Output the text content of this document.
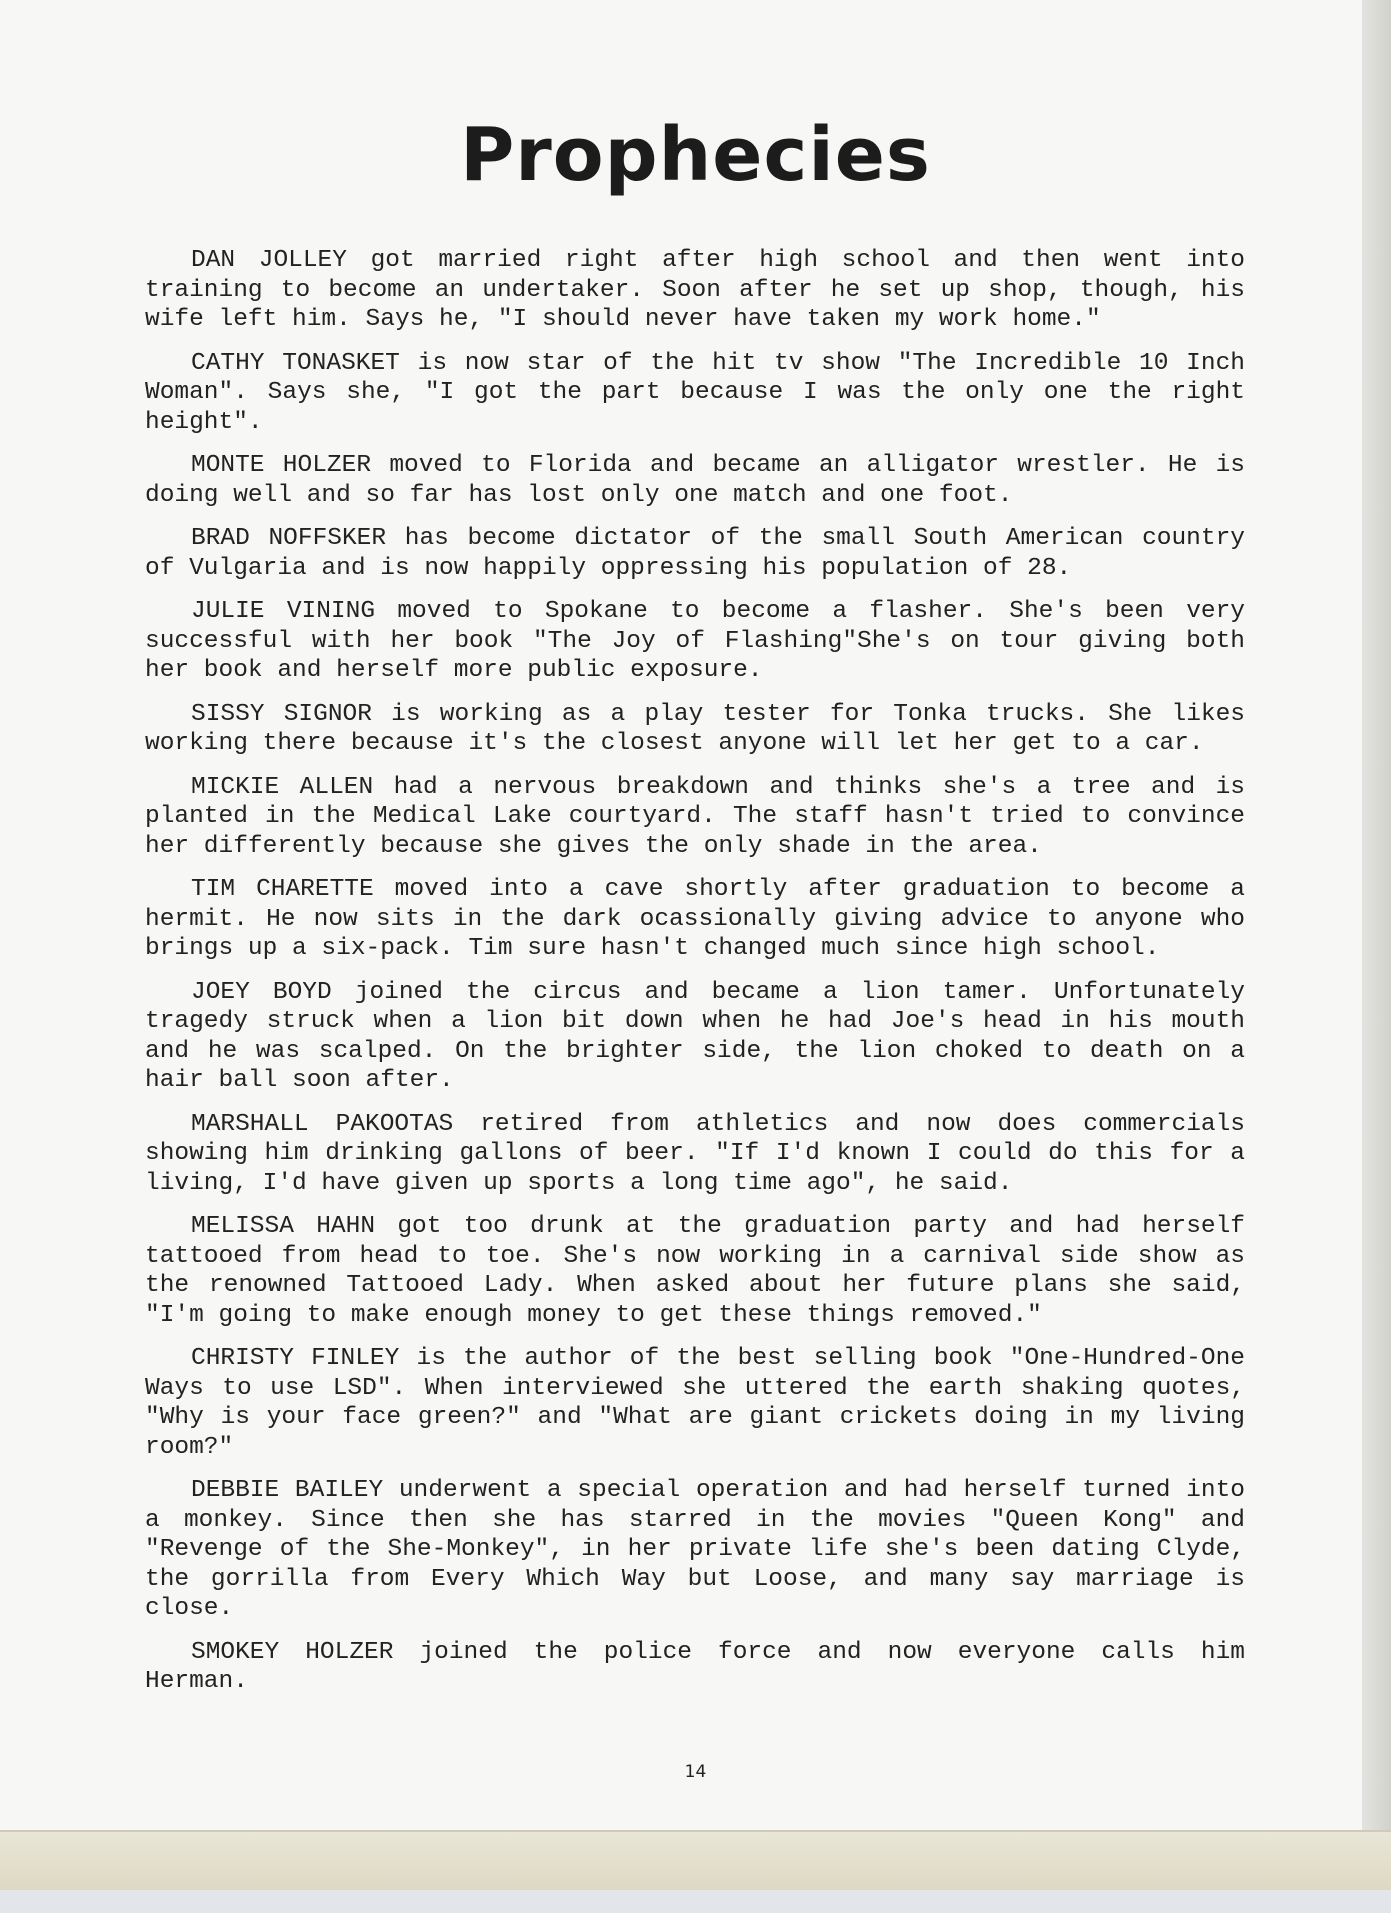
Prophecies

DAN JOLLEY got married right after high school and then went into training to become an undertaker. Soon after he set up shop, though, his wife left him. Says he, "I should never have taken my work home."

CATHY TONASKET is now star of the hit tv show "The Incredible 10 Inch Woman". Says she, "I got the part because I was the only one the right height".

MONTE HOLZER moved to Florida and became an alligator wrestler. He is doing well and so far has lost only one match and one foot.

BRAD NOFFSKER has become dictator of the small South American country of Vulgaria and is now happily oppressing his population of 28.

JULIE VINING moved to Spokane to become a flasher. She's been very successful with her book "The Joy of Flashing"She's on tour giving both her book and herself more public exposure.

SISSY SIGNOR is working as a play tester for Tonka trucks. She likes working there because it's the closest anyone will let her get to a car.

MICKIE ALLEN had a nervous breakdown and thinks she's a tree and is planted in the Medical Lake courtyard. The staff hasn't tried to convince her differently because she gives the only shade in the area.

TIM CHARETTE moved into a cave shortly after graduation to become a hermit. He now sits in the dark ocassionally giving advice to anyone who brings up a six-pack. Tim sure hasn't changed much since high school.

JOEY BOYD joined the circus and became a lion tamer. Unfortunately tragedy struck when a lion bit down when he had Joe's head in his mouth and he was scalped. On the brighter side, the lion choked to death on a hair ball soon after.

MARSHALL PAKOOTAS retired from athletics and now does commercials showing him drinking gallons of beer. "If I'd known I could do this for a living, I'd have given up sports a long time ago", he said.

MELISSA HAHN got too drunk at the graduation party and had herself tattooed from head to toe. She's now working in a carnival side show as the renowned Tattooed Lady. When asked about her future plans she said, "I'm going to make enough money to get these things removed."

CHRISTY FINLEY is the author of the best selling book "One-Hundred-One Ways to use LSD". When interviewed she uttered the earth shaking quotes, "Why is your face green?" and "What are giant crickets doing in my living room?"

DEBBIE BAILEY underwent a special operation and had herself turned into a monkey. Since then she has starred in the movies "Queen Kong" and "Revenge of the She-Monkey", in her private life she's been dating Clyde, the gorrilla from Every Which Way but Loose, and many say marriage is close.

SMOKEY HOLZER joined the police force and now everyone calls him Herman.

14
